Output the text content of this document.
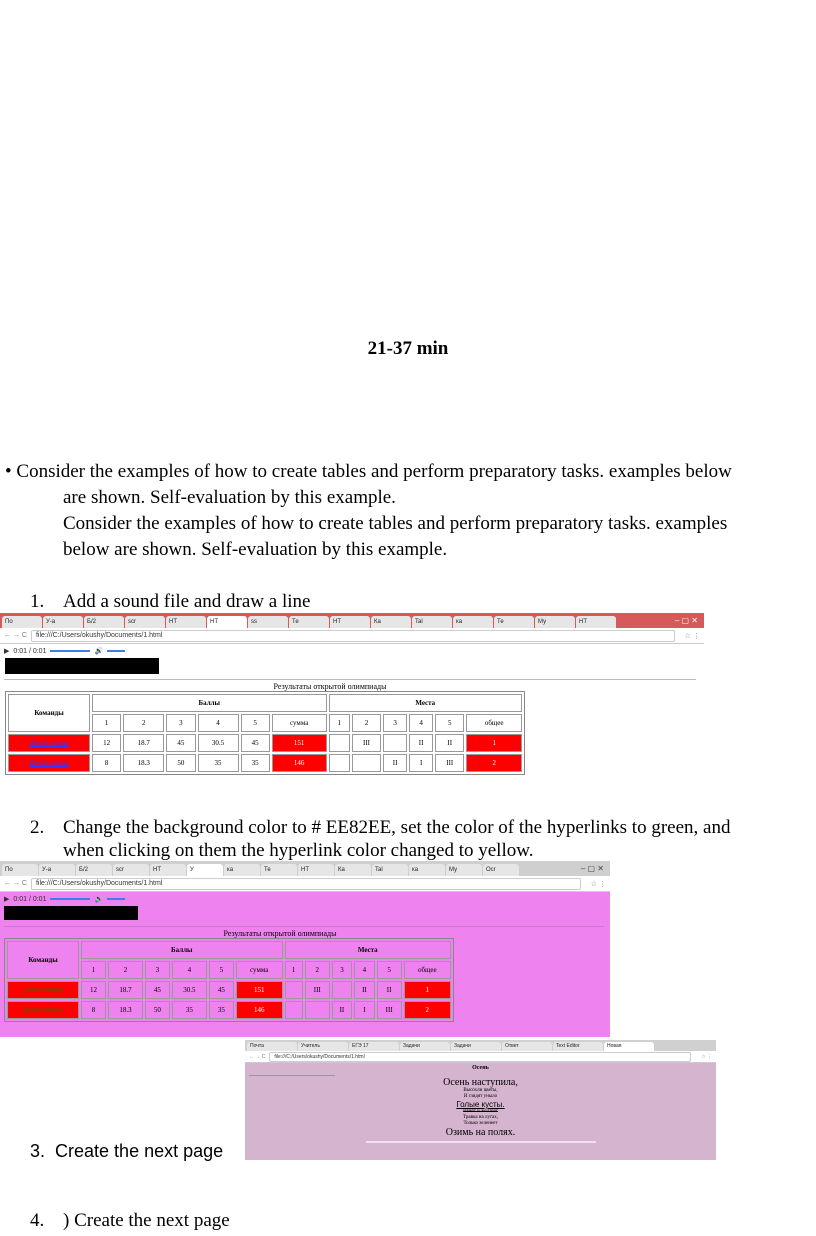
21-37 min
• Consider the examples of how to create tables and perform preparatory tasks. examples below
are shown. Self-evaluation by this example.
Consider the examples of how to create tables and perform preparatory tasks. examples
below are shown. Self-evaluation by this example.
1. Add a sound file and draw a line
По	У-а	Б/2	scr	НТ	НТ	ss	Те	НТ	Ка	Tal	ка	Те	Му	НТ	– ▢ ✕
← → C	file:///C:/Users/okushy/Documents/1.html	☆ ⋮
▶ 0:01 / 0:01	🔊
Результаты открытой олимпиады
Команды	Баллы						Места					
	1	2	3	4	5	сумма	1	2	3	4	5	общее
Детки птицы	12	18.7	45	30.5	45	151		III		II	II	1
Детки птицы	8	18.3	50	35	35	146			II	I	III	2
2. Change the background color to # EE82EE, set the color of the hyperlinks to green, and
when clicking on them the hyperlink color changed to yellow.
По	У-а	Б/2	scr	НТ	У	ка	Те	НТ	Ка	Tal	ка	Му	Ocr	– ▢ ✕
← → C	file:///C:/Users/okushy/Documents/1.html	☆ ⋮
▶ 0:01 / 0:01	🔊
Результаты открытой олимпиады
Команды	Баллы						Места					
	1	2	3	4	5	сумма	1	2	3	4	5	общее
Детки птицы	12	18.7	45	30.5	45	151		III		II	II	1
Детки птицы	8	18.3	50	35	35	146			II	I	III	2
Почта	Учитель	ЕГЭ 17	Задачи	Задачи	Ответ	Text Editor	Новая
← → C	file:///C:/Users/okushy/Documents/1.html	☆ ⋮
Осень
Осень наступила,
Высохли цветы,
И глядят уныло
Голые кусты.
Вянет и желтеет
Травка на лугах,
Только зеленеет
Озимь на полях.
3. Create the next page
4. ) Create the next page
